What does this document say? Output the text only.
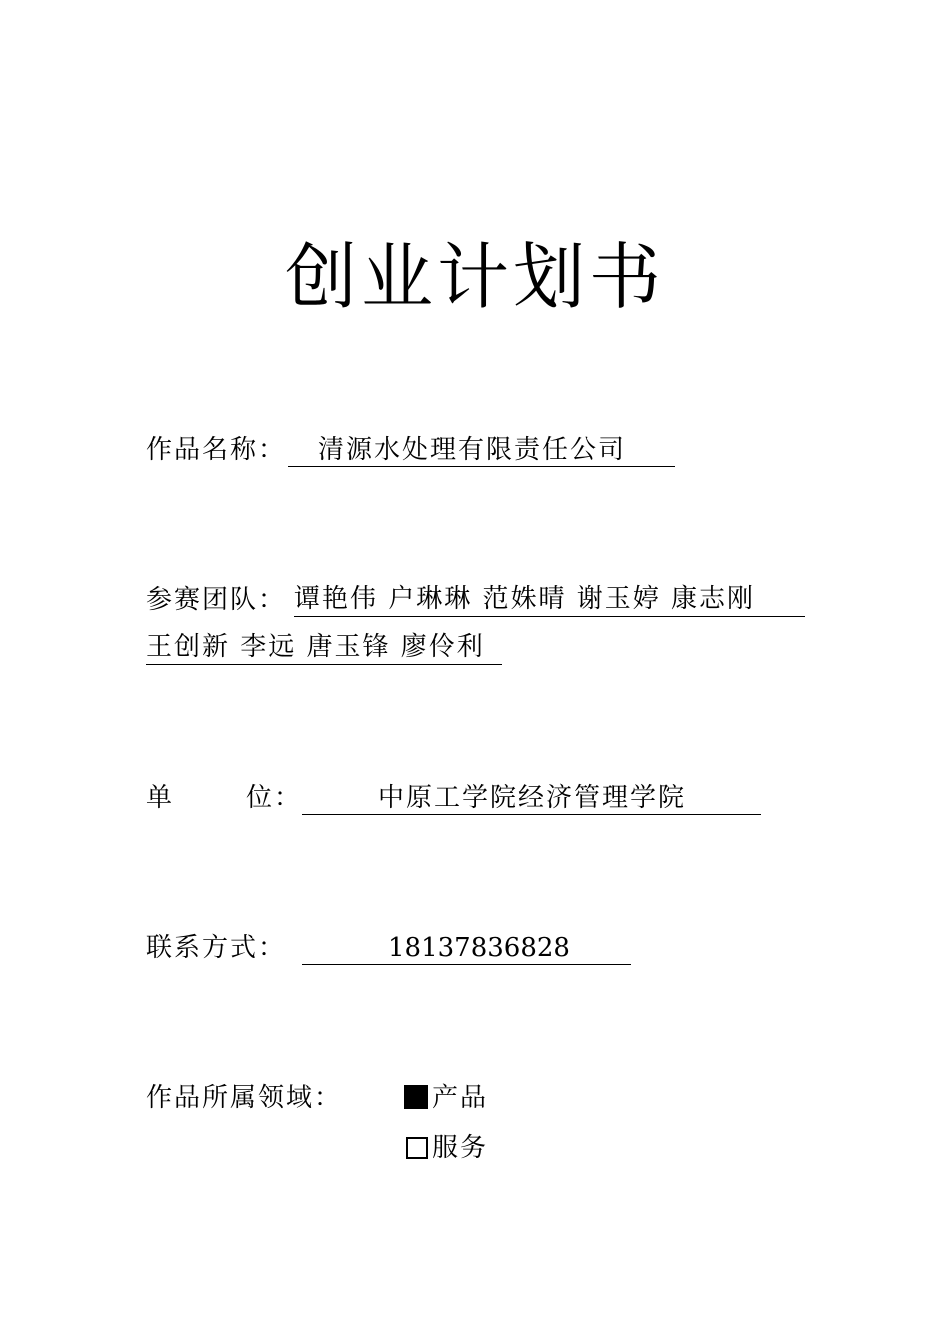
创业计划书
作品名称： 清源水处理有限责任公司
参赛团队： 谭艳伟 户琳琳 范姝晴 谢玉婷 康志刚
王创新 李远 唐玉锋 廖伶利
单	位：	中原工学院经济管理学院
联系方式：	18137836828
作品所属领域：	产品
服务
